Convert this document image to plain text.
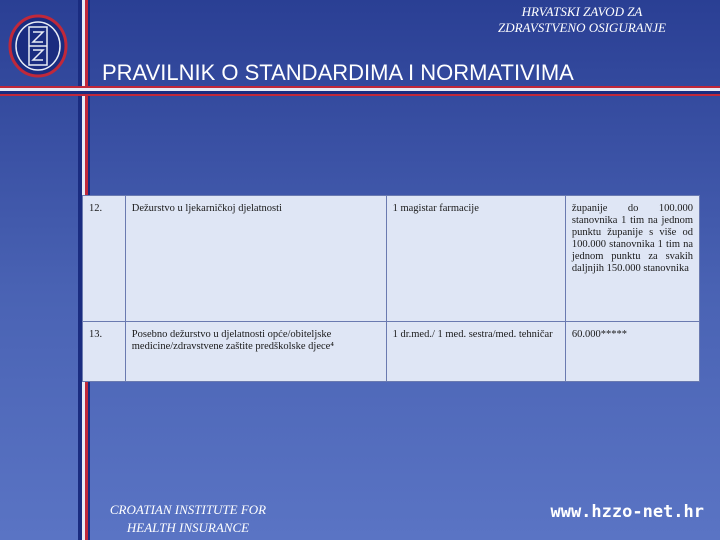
HRVATSKI ZAVOD ZA
ZDRAVSTVENO OSIGURANJE
PRAVILNIK O STANDARDIMA I NORMATIVIMA
12.	Dežurstvo u ljekarničkoj djelatnosti	1 magistar farmacije	županije do 100.000 stanovnika 1 tim na jednom punktu županije s više od 100.000 stanovnika 1 tim na jednom punktu za svakih daljnjih 150.000 stanovnika
13.	Posebno dežurstvo u djelatnosti opće/obiteljske medicine/zdravstvene zaštite predškolske djece⁴	1 dr.med./ 1 med. sestra/med. tehničar	60.000*****
CROATIAN INSTITUTE FOR
HEALTH INSURANCE
www.hzzo-net.hr
